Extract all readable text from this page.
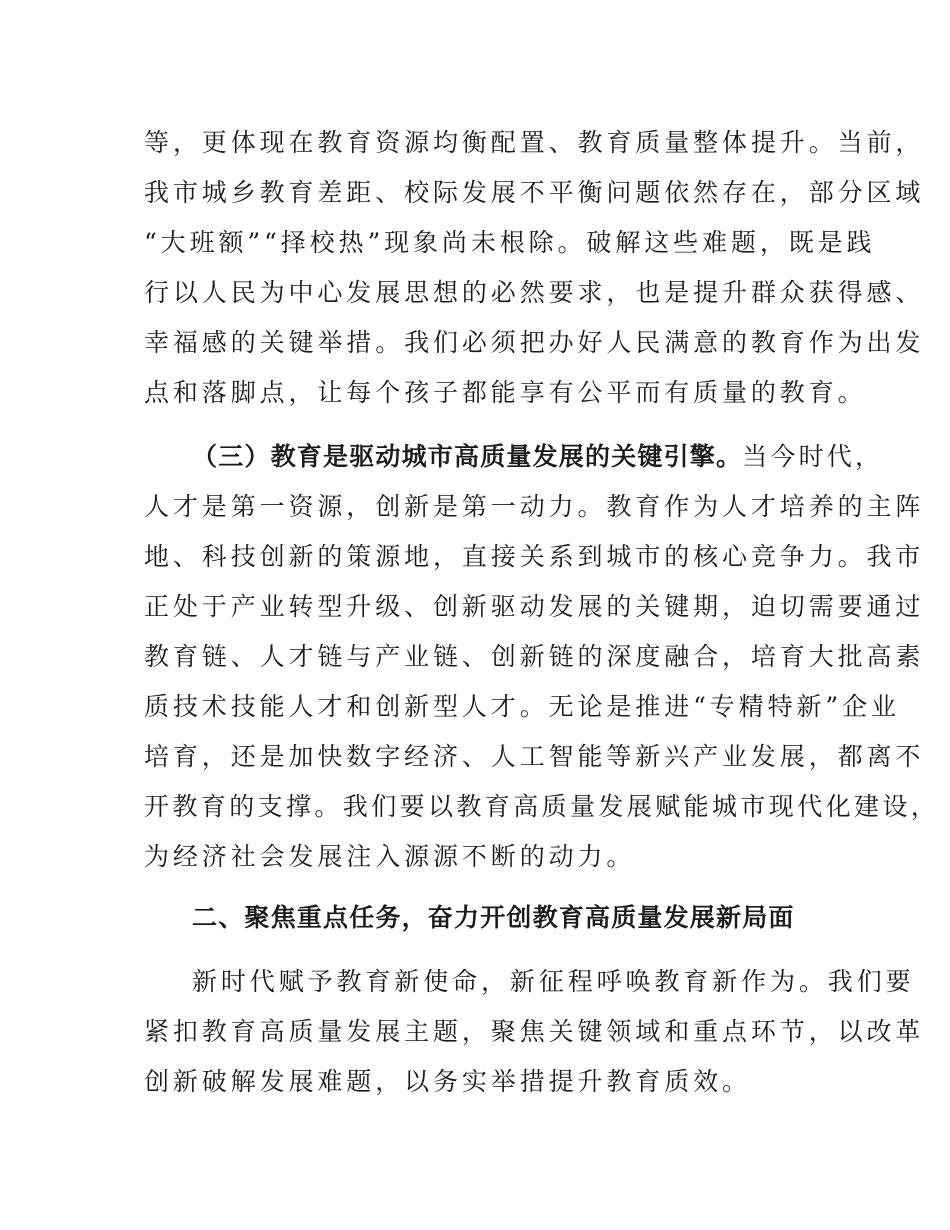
等，更体现在教育资源均衡配置、教育质量整体提升。当前，
我市城乡教育差距、校际发展不平衡问题依然存在，部分区域
“大班额”“择校热”现象尚未根除。破解这些难题，既是践
行以人民为中心发展思想的必然要求，也是提升群众获得感、
幸福感的关键举措。我们必须把办好人民满意的教育作为出发
点和落脚点，让每个孩子都能享有公平而有质量的教育。
（三）教育是驱动城市高质量发展的关键引擎。当今时代，
人才是第一资源，创新是第一动力。教育作为人才培养的主阵
地、科技创新的策源地，直接关系到城市的核心竞争力。我市
正处于产业转型升级、创新驱动发展的关键期，迫切需要通过
教育链、人才链与产业链、创新链的深度融合，培育大批高素
质技术技能人才和创新型人才。无论是推进“专精特新”企业
培育，还是加快数字经济、人工智能等新兴产业发展，都离不
开教育的支撑。我们要以教育高质量发展赋能城市现代化建设，
为经济社会发展注入源源不断的动力。
二、聚焦重点任务，奋力开创教育高质量发展新局面
新时代赋予教育新使命，新征程呼唤教育新作为。我们要
紧扣教育高质量发展主题，聚焦关键领域和重点环节，以改革
创新破解发展难题，以务实举措提升教育质效。
